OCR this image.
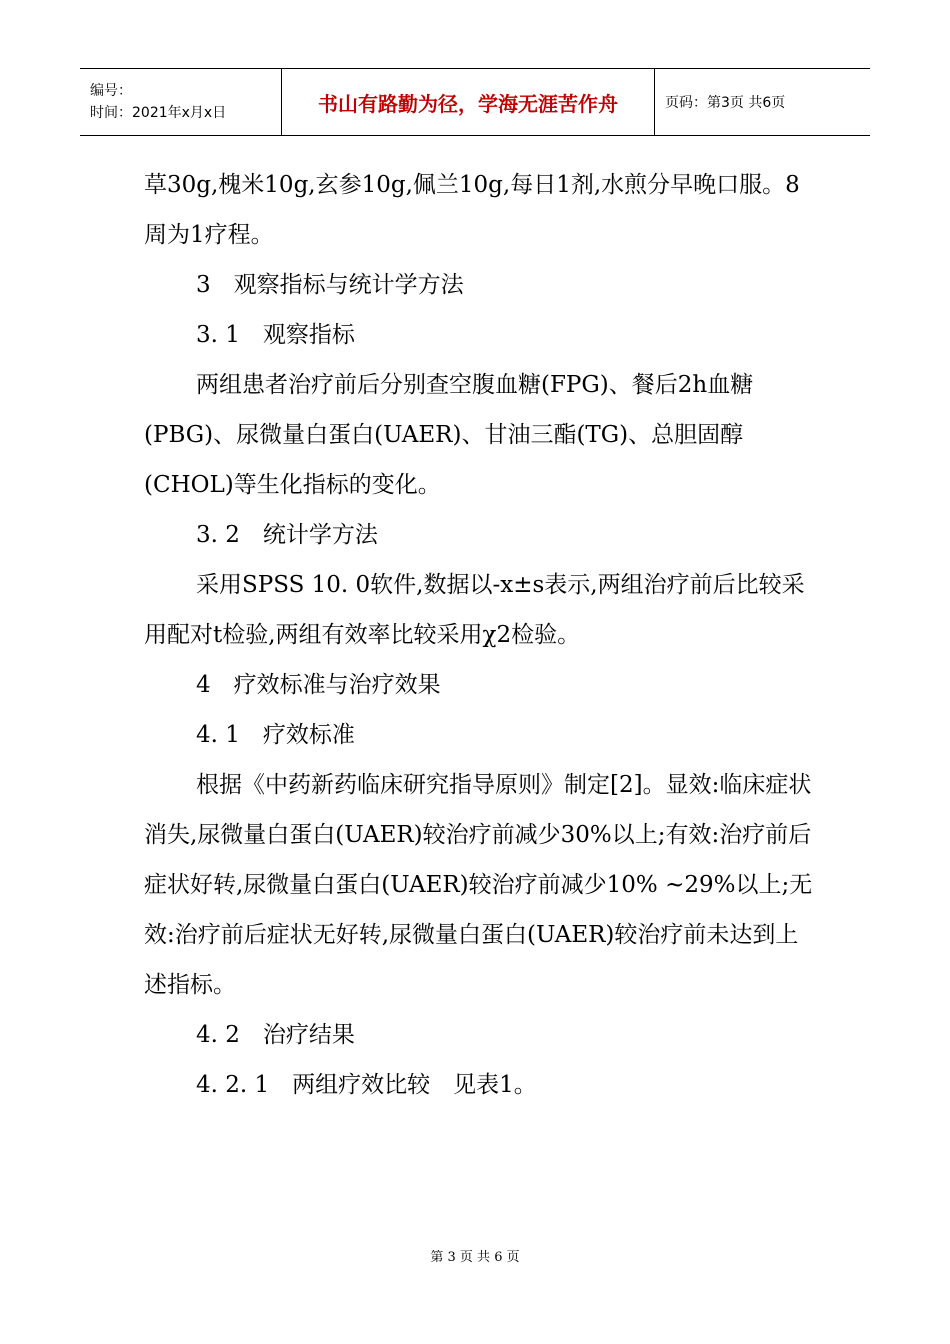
编号：
时间：2021年x月x日	书山有路勤为径，学海无涯苦作舟	页码：第3页 共6页

草30g,槐米10g,玄参10g,佩兰10g,每日1剂,水煎分早晚口服。8周为1疗程。

3　观察指标与统计学方法

3. 1　观察指标

两组患者治疗前后分别查空腹血糖(FPG)、餐后2h血糖(PBG)、尿微量白蛋白(UAER)、甘油三酯(TG)、总胆固醇(CHOL)等生化指标的变化。

3. 2　统计学方法

采用SPSS 10. 0软件,数据以-x±s表示,两组治疗前后比较采用配对t检验,两组有效率比较采用χ2检验。

4　疗效标准与治疗效果

4. 1　疗效标准

根据《中药新药临床研究指导原则》制定[2]。显效:临床症状消失,尿微量白蛋白(UAER)较治疗前减少30%以上;有效:治疗前后症状好转,尿微量白蛋白(UAER)较治疗前减少10% ~29%以上;无效:治疗前后症状无好转,尿微量白蛋白(UAER)较治疗前未达到上述指标。

4. 2　治疗结果

4. 2. 1　两组疗效比较　见表1。

第 3 页 共 6 页
